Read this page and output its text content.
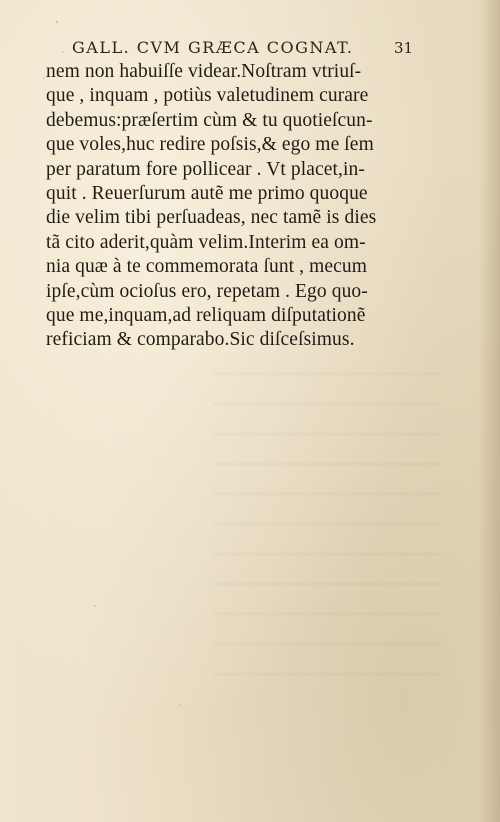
~~~~~~~~~~~~~~~~~~~~~~
~~~~~~~~~~~~~~~~~~~~~~
~~~~~~~~~~~~~~~~~~~~~~
~~~~~~~~~~~~~~~~~~~~~~
~~~~~~~~~~~~~~~~~~~~~~
~~~~~~~~~~~~~~~~~~~~~~
~~~~~~~~~~~~~~~~~~~~~~
~~~~~~~~~~~~~~~~~~~~~~
~~~~~~~~~~~~~~~~~~~~~~
~~~~~~~~~~~~~~~~~~~~~~
~~~~~~~~~~~~~~~~~~~~~~
GALL. CVM GRÆCA COGNAT.	31
nem non habuiſſe videar.Noſtram vtriuſ-
que , inquam , potiùs valetudinem curare
debemus:præſertim cùm & tu quotieſcun-
que voles,huc redire poſsis,& ego me ſem
per paratum fore pollicear . Vt placet,in-
quit . Reuerſurum autẽ me primo quoque
die velim tibi perſuadeas, nec tamẽ is dies
tã cito aderit,quàm velim.Interim ea om-
nia quæ à te commemorata ſunt , mecum
ipſe,cùm ocioſus ero, repetam . Ego quo-
que me,inquam,ad reliquam diſputationẽ
reficiam & comparabo.Sic diſceſsimus.
